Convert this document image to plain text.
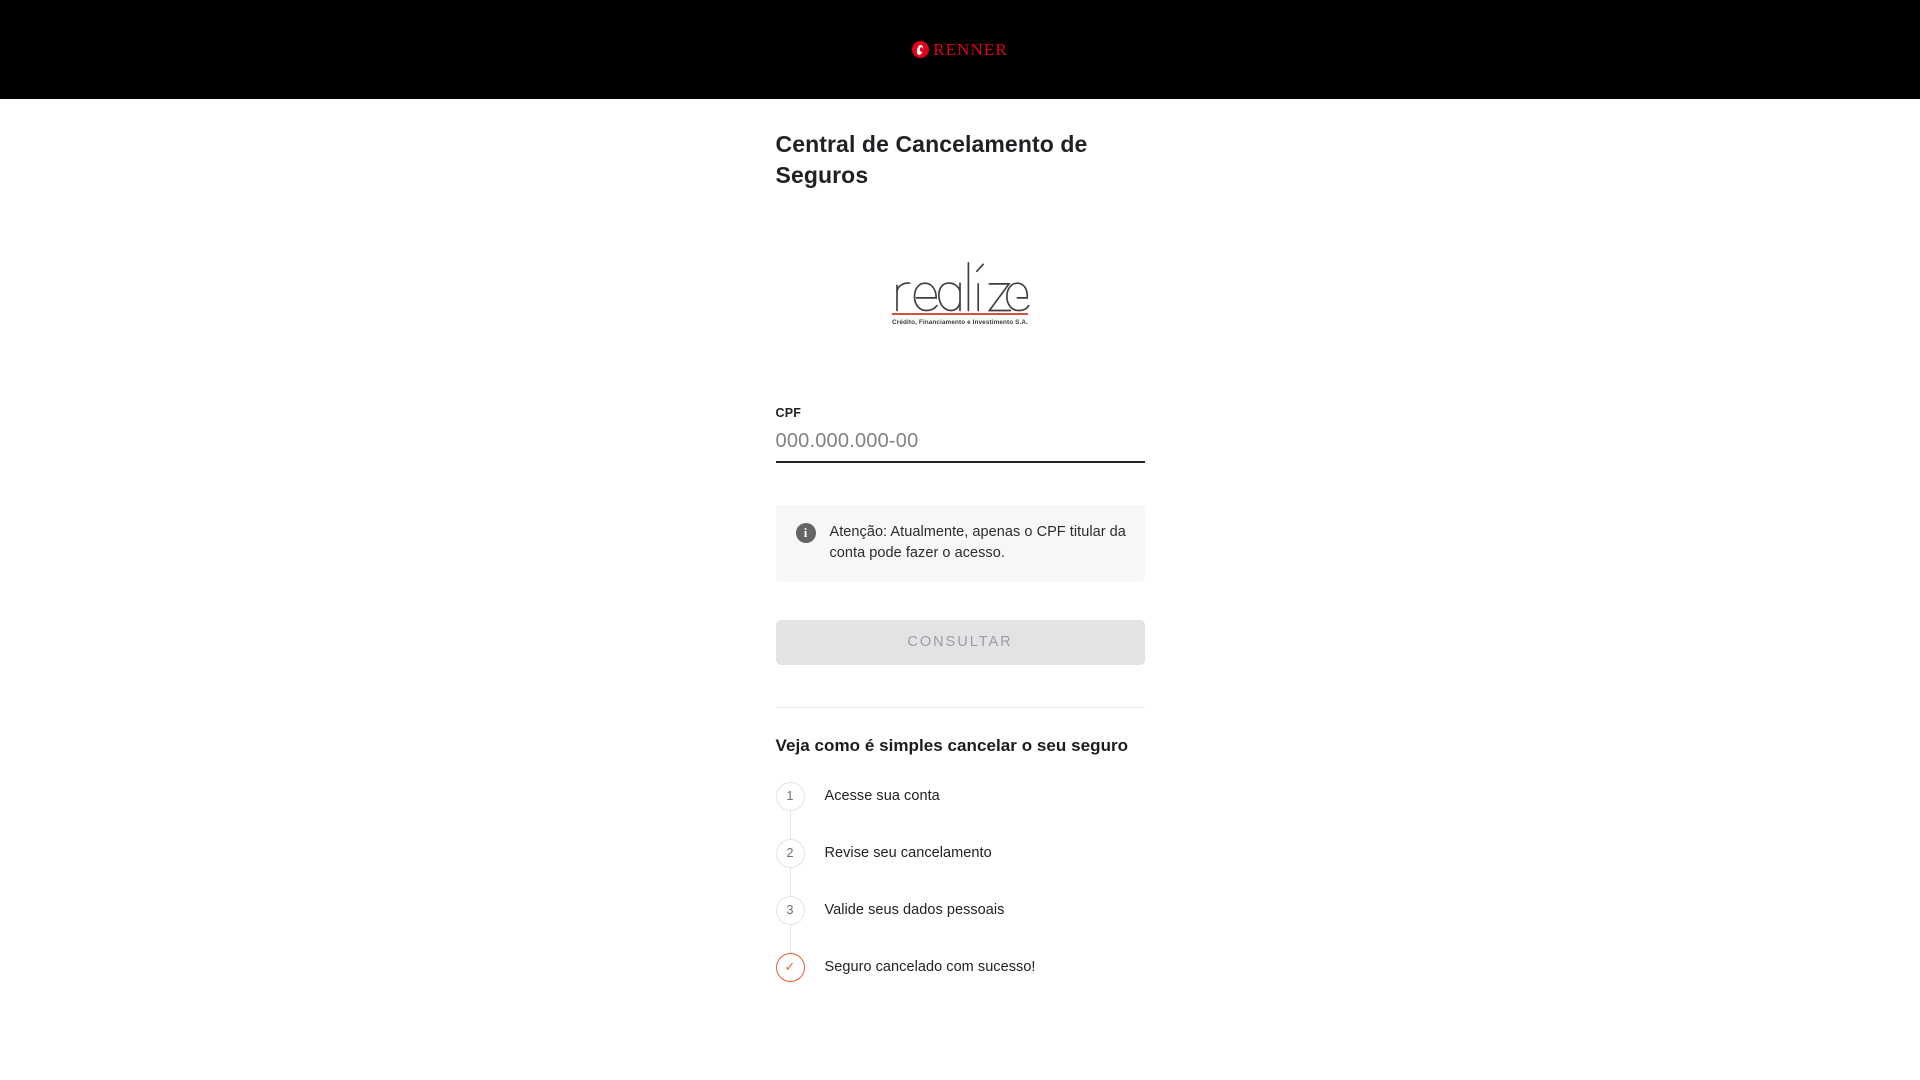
RENNER
Central de Cancelamento de Seguros
Crédito, Financiamento e Investimento S.A.
CPF
000.000.000-00
i	Atenção: Atualmente, apenas o CPF titular da conta pode fazer o acesso.
CONSULTAR
Veja como é simples cancelar o seu seguro
1	Acesse sua conta
2	Revise seu cancelamento
3	Valide seus dados pessoais
✓	Seguro cancelado com sucesso!
